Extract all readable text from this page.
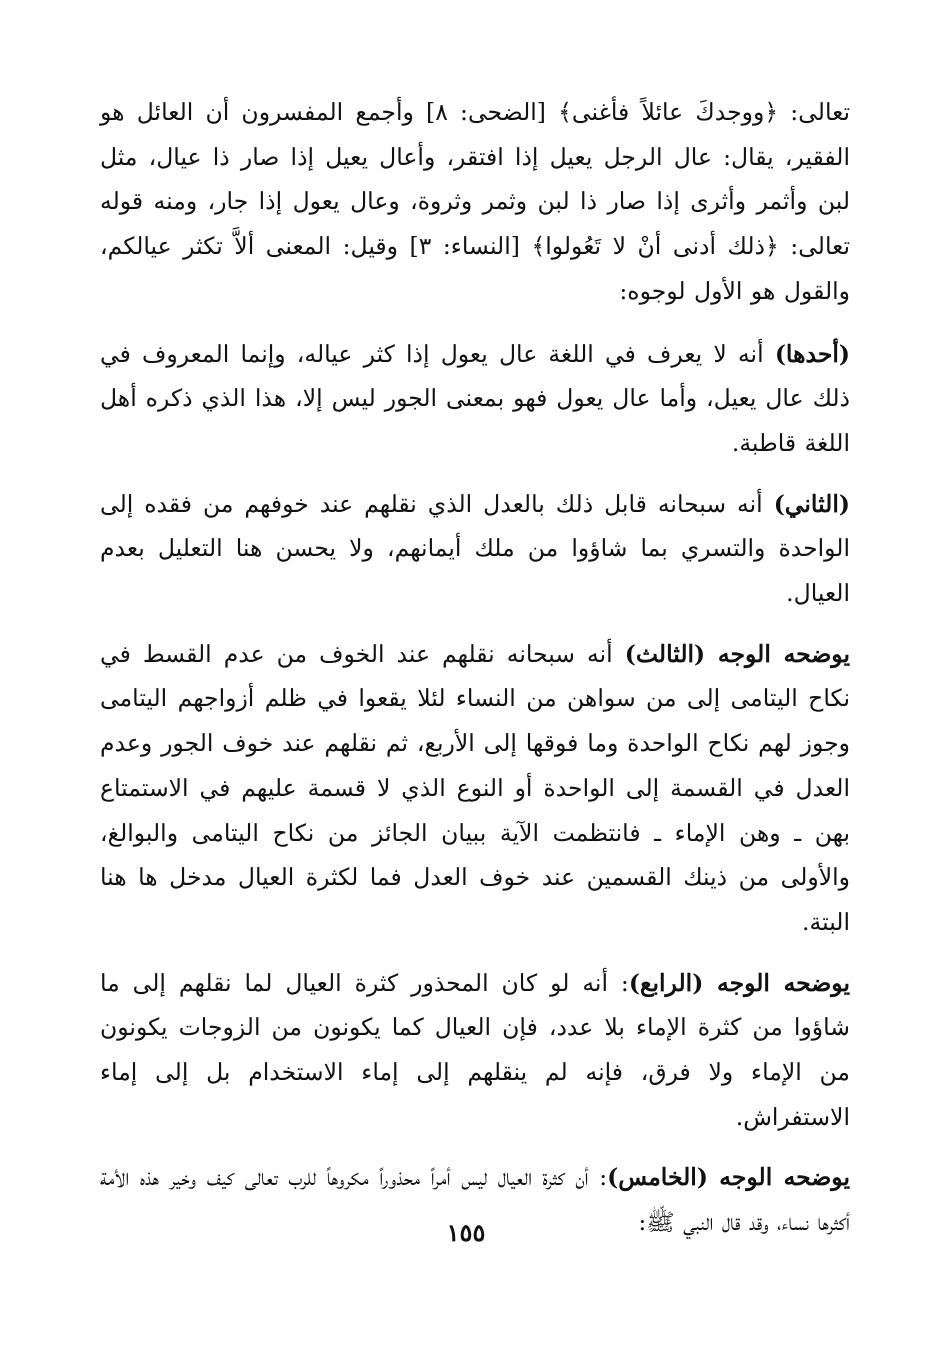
تعالى: ﴿ووجدكَ عائلاً فأغنى﴾ [الضحى: ٨] وأجمع المفسرون أن العائل هو الفقير، يقال: عال الرجل يعيل إذا افتقر، وأعال يعيل إذا صار ذا عيال، مثل لبن وأثمر وأثرى إذا صار ذا لبن وثمر وثروة، وعال يعول إذا جار، ومنه قوله تعالى: ﴿ذلك أدنى أنْ لا تَعُولوا﴾ [النساء: ٣] وقيل: المعنى ألاَّ تكثر عيالكم، والقول هو الأول لوجوه:

(أحدها) أنه لا يعرف في اللغة عال يعول إذا كثر عياله، وإنما المعروف في ذلك عال يعيل، وأما عال يعول فهو بمعنى الجور ليس إلا، هذا الذي ذكره أهل اللغة قاطبة.

(الثاني) أنه سبحانه قابل ذلك بالعدل الذي نقلهم عند خوفهم من فقده إلى الواحدة والتسري بما شاؤوا من ملك أيمانهم، ولا يحسن هنا التعليل بعدم العيال.

يوضحه الوجه (الثالث) أنه سبحانه نقلهم عند الخوف من عدم القسط في نكاح اليتامى إلى من سواهن من النساء لئلا يقعوا في ظلم أزواجهم اليتامى وجوز لهم نكاح الواحدة وما فوقها إلى الأربع، ثم نقلهم عند خوف الجور وعدم العدل في القسمة إلى الواحدة أو النوع الذي لا قسمة عليهم في الاستمتاع بهن ـ وهن الإماء ـ فانتظمت الآية ببيان الجائز من نكاح اليتامى والبوالغ، والأولى من ذينك القسمين عند خوف العدل فما لكثرة العيال مدخل ها هنا البتة.

يوضحه الوجه (الرابع): أنه لو كان المحذور كثرة العيال لما نقلهم إلى ما شاؤوا من كثرة الإماء بلا عدد، فإن العيال كما يكونون من الزوجات يكونون من الإماء ولا فرق، فإنه لم ينقلهم إلى إماء الاستخدام بل إلى إماء الاستفراش.

يوضحه الوجه (الخامس): أن كثرة العيال ليس أمراً محذوراً مكروهاً للرب تعالى كيف وخير هذه الأمة أكثرها نساء، وقد قال النبي ﷺ:

١٥٥
